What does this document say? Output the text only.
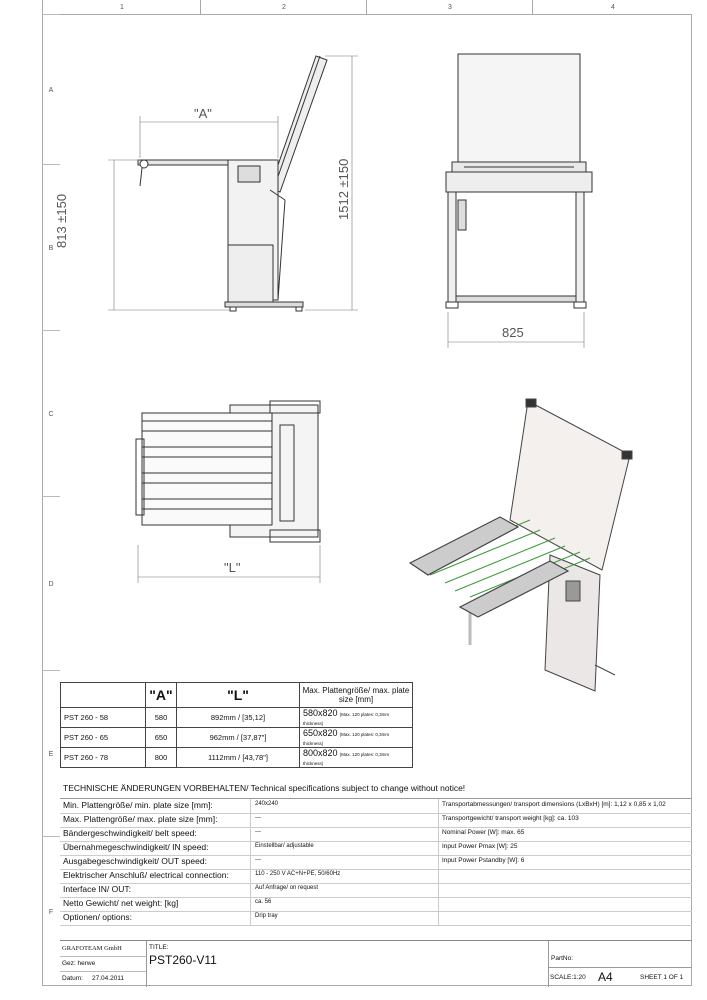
1	2	3	4
A
B
C
D
E
F
"A"
813 ±150
1512 ±150
825
"L"
	"A"	"L"	Max. Plattengröße/ max. plate size [mm]
PST 260 - 58	580	892mm / [35,12]	580x820 (Max. 120 plates: 0,3mm thickness)
PST 260 - 65	650	962mm / [37,87"]	650x820 (Max. 120 plates: 0,3mm thickness)
PST 260 - 78	800	1112mm / [43,78"]	800x820 (Max. 120 plates: 0,3mm thickness)
TECHNISCHE ÄNDERUNGEN VORBEHALTEN/ Technical specifications subject to change without notice!
Min. Plattengröße/ min. plate size [mm]:	240x240	Transportabmessungen/ transport dimensions (LxBxH) [m]: 1,12 x 0,85 x 1,02
Max. Plattengröße/ max. plate size [mm]:	---	Transportgewicht/ transport weight [kg]: ca. 103
Bändergeschwindigkeit/ belt speed:	---	Nominal Power [W]: max. 65
Übernahmegeschwindigkeit/ IN speed:	Einstellbar/ adjustable	Input Power Pmax [W]: 25
Ausgabegeschwindigkeit/ OUT speed:	---	Input Power Pstandby [W]: 6
Elektrischer Anschluß/ electrical connection:	110 - 250 V AC+N+PE, 50/60Hz
Interface IN/ OUT:	Auf Anfrage/ on request
Netto Gewicht/ net weight: [kg]	ca. 56
Optionen/ options:	Drip tray
GRAFOTEAM GmbH
Gez: herwe
Datum: 27.04.2011
TITLE:
PST260-V11	PartNo:
SCALE:1:20 A4	SHEET 1 OF 1
